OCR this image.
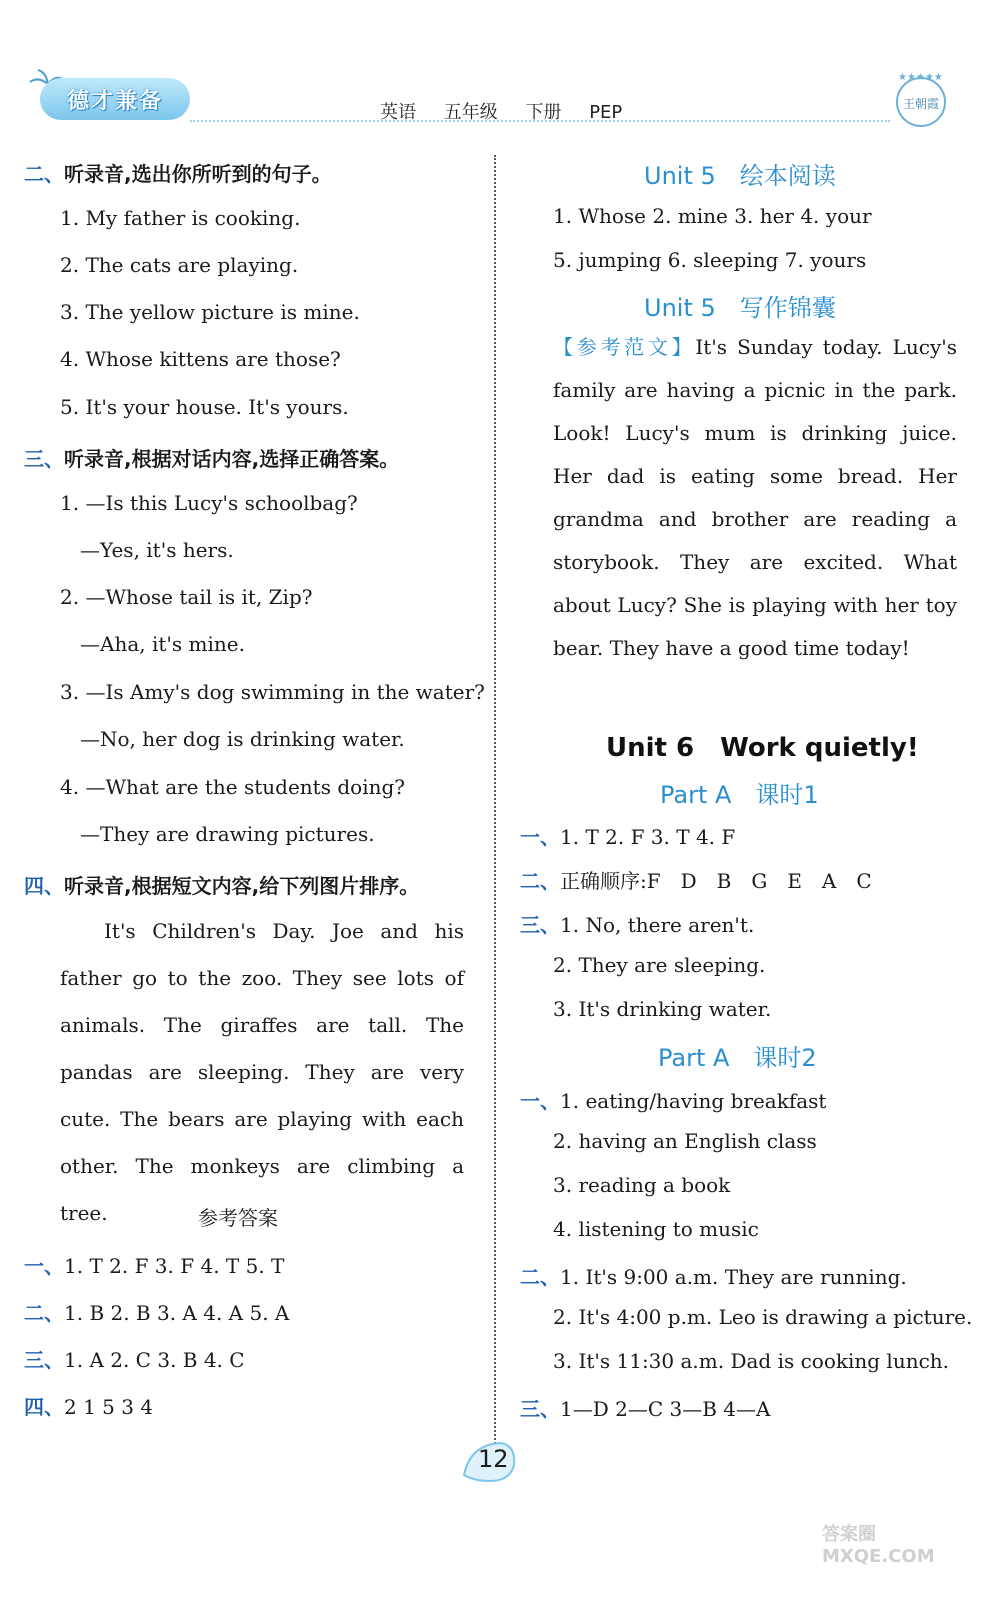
德才兼备	英语 五年级 下册 PEP
★★★★★
王朝霞
二、听录音,选出你所听到的句子。
1. My father is cooking.
2. The cats are playing.
3. The yellow picture is mine.
4. Whose kittens are those?
5. It's your house. It's yours.
三、听录音,根据对话内容,选择正确答案。
1. —Is this Lucy's schoolbag?
—Yes, it's hers.
2. —Whose tail is it, Zip?
—Aha, it's mine.
3. —Is Amy's dog swimming in the water?
—No, her dog is drinking water.
4. —What are the students doing?
—They are drawing pictures.
四、听录音,根据短文内容,给下列图片排序。
It's Children's Day. Joe and his father go to the zoo. They see lots of animals. The giraffes are tall. The pandas are sleeping. They are very cute. The bears are playing with each other. The monkeys are climbing a tree.	参考答案
一、1. T 2. F 3. F 4. T 5. T
二、1. B 2. B 3. A 4. A 5. A
三、1. A 2. C 3. B 4. C
四、2 1 5 3 4
Unit 5　绘本阅读
1. Whose 2. mine 3. her 4. your
5. jumping 6. sleeping 7. yours
Unit 5　写作锦囊
【参考范文】It's Sunday today. Lucy's family are having a picnic in the park. Look! Lucy's mum is drinking juice. Her dad is eating some bread. Her grandma and brother are reading a storybook. They are excited. What about Lucy? She is playing with her toy bear. They have a good time today!
Unit 6　Work quietly!
Part A　课时1
一、1. T 2. F 3. T 4. F
二、正确顺序:F　D　B　G　E　A　C
三、1. No, there aren't.
2. They are sleeping.
3. It's drinking water.
Part A　课时2
一、1. eating/having breakfast
2. having an English class
3. reading a book
4. listening to music
二、1. It's 9:00 a.m. They are running.
2. It's 4:00 p.m. Leo is drawing a picture.
3. It's 11:30 a.m. Dad is cooking lunch.
三、1—D 2—C 3—B 4—A
12
答案圈 MXQE.COM
